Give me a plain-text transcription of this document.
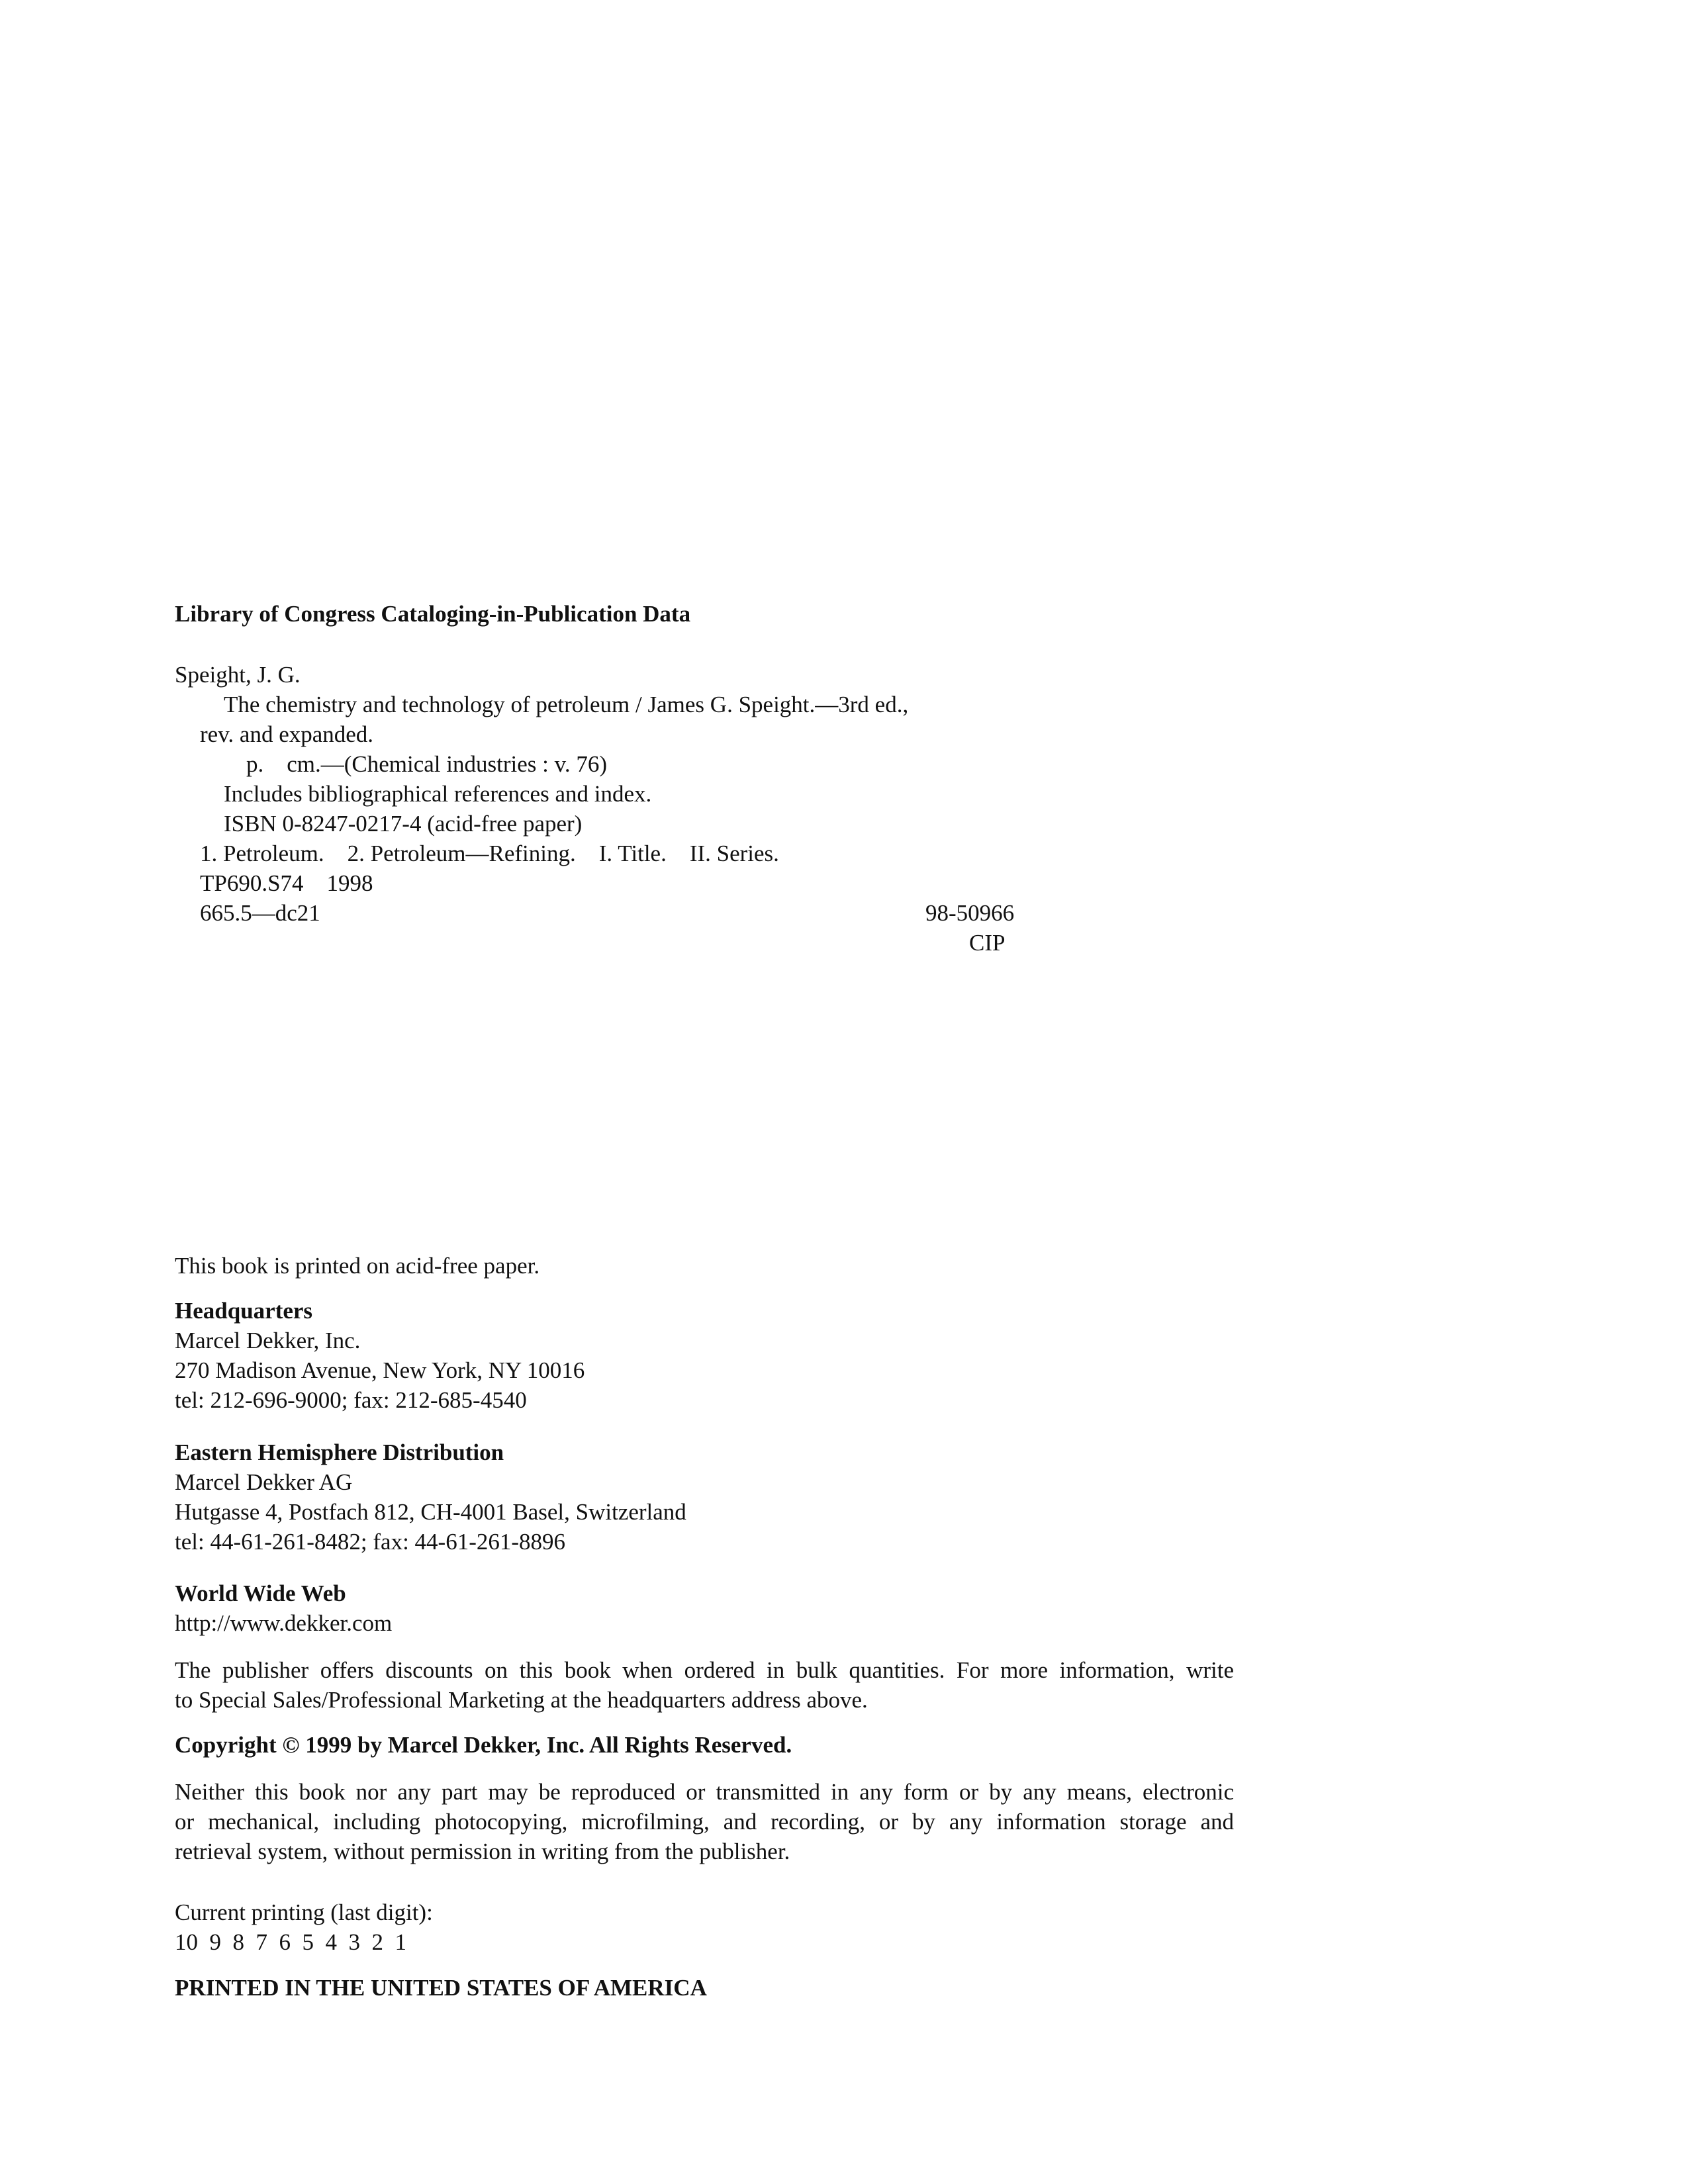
Library of Congress Cataloging-in-Publication Data
Speight, J. G.
The chemistry and technology of petroleum / James G. Speight.—3rd ed.,
rev. and expanded.
p.    cm.—(Chemical industries : v. 76)
Includes bibliographical references and index.
ISBN 0-8247-0217-4 (acid-free paper)
1. Petroleum.    2. Petroleum—Refining.    I. Title.    II. Series.
TP690.S74    1998
665.5—dc21	98-50966
CIP
This book is printed on acid-free paper.
Headquarters
Marcel Dekker, Inc.
270 Madison Avenue, New York, NY 10016
tel: 212-696-9000; fax: 212-685-4540
Eastern Hemisphere Distribution
Marcel Dekker AG
Hutgasse 4, Postfach 812, CH-4001 Basel, Switzerland
tel: 44-61-261-8482; fax: 44-61-261-8896
World Wide Web
http://www.dekker.com
The publisher offers discounts on this book when ordered in bulk quantities. For more information, write
to Special Sales/Professional Marketing at the headquarters address above.
Copyright © 1999 by Marcel Dekker, Inc. All Rights Reserved.
Neither this book nor any part may be reproduced or transmitted in any form or by any means, electronic
or mechanical, including photocopying, microfilming, and recording, or by any information storage and
retrieval system, without permission in writing from the publisher.
Current printing (last digit):
10  9  8  7  6  5  4  3  2  1
PRINTED IN THE UNITED STATES OF AMERICA
